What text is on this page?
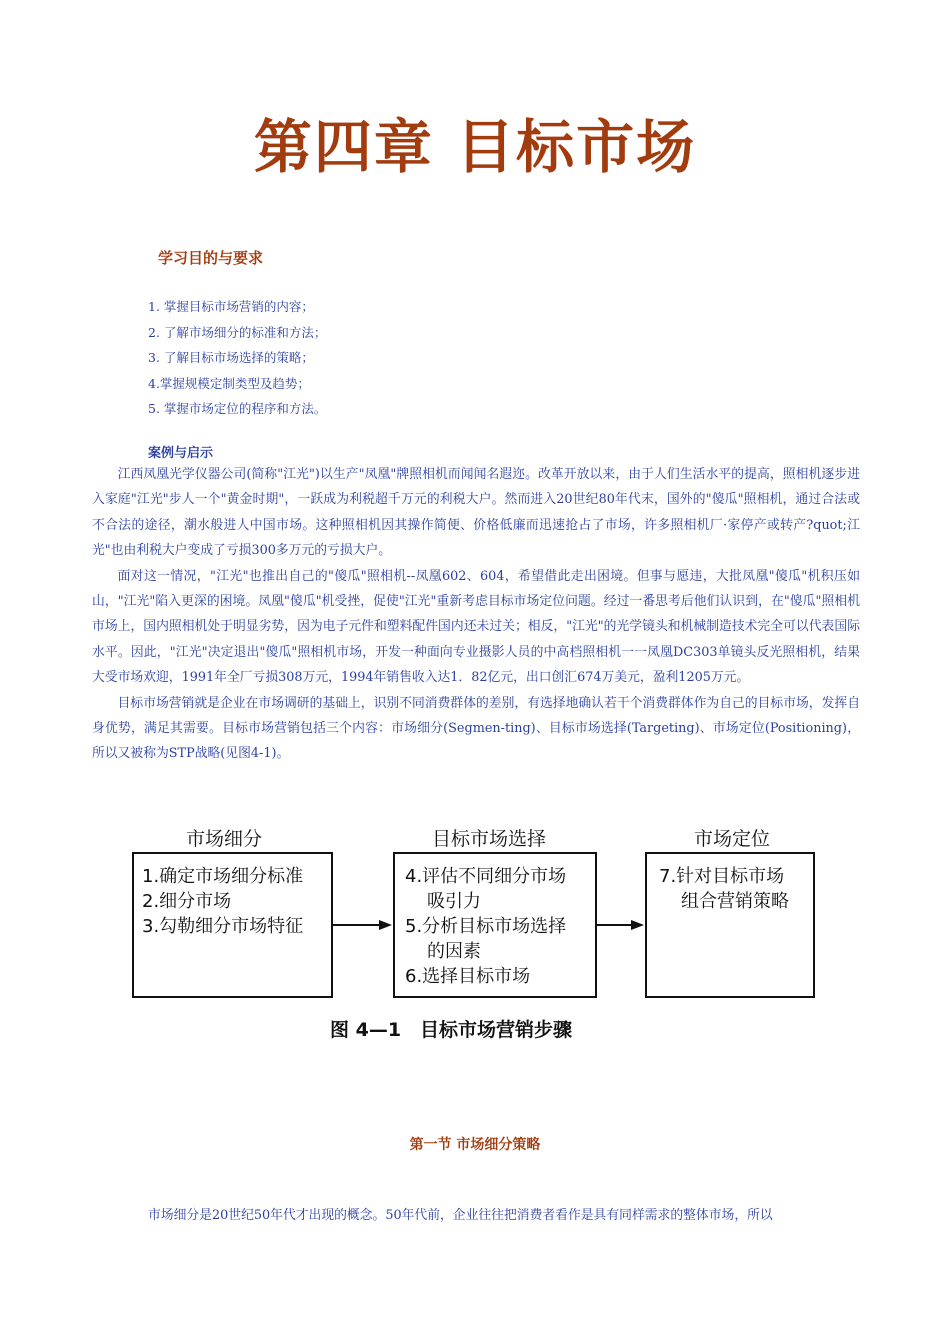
第四章 目标市场
学习目的与要求
1. 掌握目标市场营销的内容；
2. 了解市场细分的标准和方法；
3. 了解目标市场选择的策略；
4.掌握规模定制类型及趋势；
5. 掌握市场定位的程序和方法。
案例与启示

江西凤凰光学仪器公司(简称"江光")以生产"凤凰"牌照相机而闻闻名遐迩。改革开放以来，由于人们生活水平的提高，照相机逐步进入家庭"江光"步人一个"黄金时期"，一跃成为利税超千万元的利税大户。然而进入20世纪80年代末，国外的"傻瓜"照相机，通过合法或不合法的途径，潮水般进人中国市场。这种照相机因其操作简便、价格低廉而迅速抢占了市场，许多照相机厂·家停产或转产?quot;江光"也由利税大户变成了亏损300多万元的亏损大户。

面对这一情况，"江光"也推出自己的"傻瓜"照相机--凤凰602、604，希望借此走出困境。但事与愿违，大批凤凰"傻瓜"机积压如山，"江光"陷入更深的困境。凤凰"傻瓜"机受挫，促使"江光"重新考虑目标市场定位问题。经过一番思考后他们认识到，在"傻瓜"照相机市场上，国内照相机处于明显劣势，因为电子元件和塑料配件国内还未过关；相反，"江光"的光学镜头和机械制造技术完全可以代表国际水平。因此，"江光"决定退出"傻瓜"照相机市场，开发一种面向专业摄影人员的中高档照相机一一凤凰DC303单镜头反光照相机，结果大受市场欢迎，1991年全厂亏损308万元，1994年销售收入达1．82亿元，出口创汇674万美元，盈利1205万元。

目标市场营销就是企业在市场调研的基础上，识别不同消费群体的差别，有选择地确认若干个消费群体作为自己的目标市场，发挥自身优势，满足其需要。目标市场营销包括三个内容：市场细分(Segmen-ting)、目标市场选择(Targeting)、市场定位(Positioning)，所以又被称为STP战略(见图4-1)。

市场细分	目标市场选择	市场定位
1.确定市场细分标准
2.细分市场
3.勾勒细分市场特征
4.评估不同细分市场
吸引力
5.分析目标市场选择
的因素
6.选择目标市场
7.针对目标市场
组合营销策略
图 4—1　目标市场营销步骤
第一节 市场细分策略
市场细分是20世纪50年代才出现的概念。50年代前，企业往往把消费者看作是具有同样需求的整体市场，所以
